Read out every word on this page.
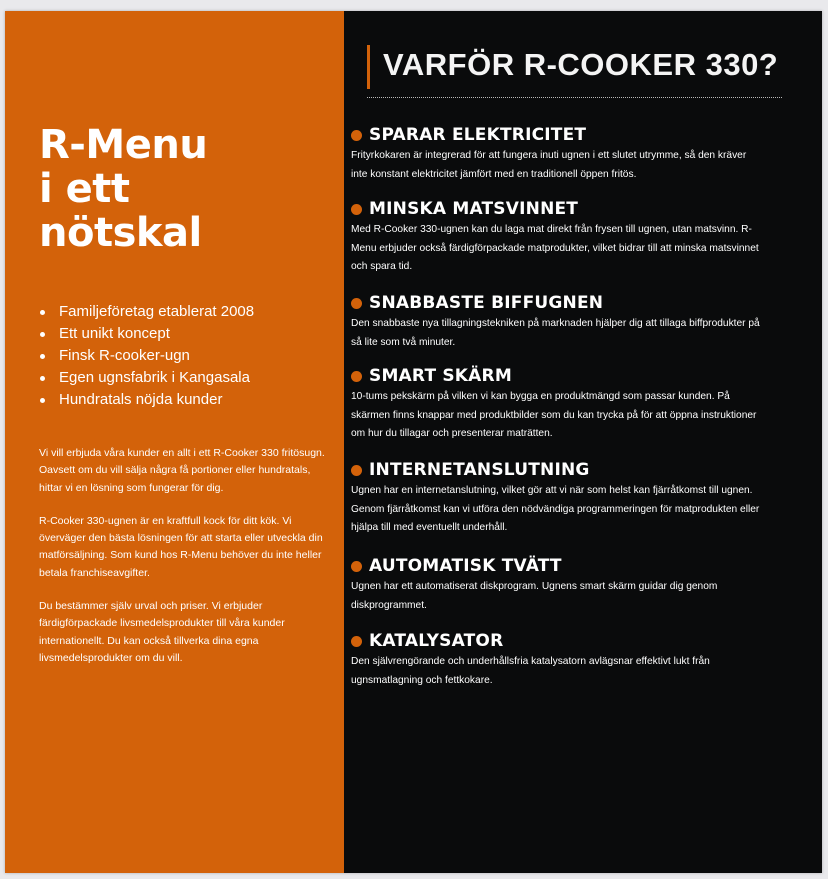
R-Menu
i ett
nötskal
Familjeföretag etablerat 2008
Ett unikt koncept
Finsk R-cooker-ugn
Egen ugnsfabrik i Kangasala
Hundratals nöjda kunder

Vi vill erbjuda våra kunder en allt i ett R-Cooker 330 fritösugn. Oavsett om du vill sälja några få portioner eller hundratals, hittar vi en lösning som fungerar för dig.

R-Cooker 330-ugnen är en kraftfull kock för ditt kök. Vi överväger den bästa lösningen för att starta eller utveckla din matförsäljning. Som kund hos R-Menu behöver du inte heller betala franchiseavgifter.

Du bestämmer själv urval och priser. Vi erbjuder färdigförpackade livsmedelsprodukter till våra kunder internationellt. Du kan också tillverka dina egna livsmedelsprodukter om du vill.

VARFÖR R-COOKER 330?
SPARAR ELEKTRICITET

Frityrkokaren är integrerad för att fungera inuti ugnen i ett slutet utrymme, så den kräver inte konstant elektricitet jämfört med en traditionell öppen fritös.

MINSKA MATSVINNET

Med R-Cooker 330-ugnen kan du laga mat direkt från frysen till ugnen, utan matsvinn. R-Menu erbjuder också färdigförpackade matprodukter, vilket bidrar till att minska matsvinnet och spara tid.

SNABBASTE BIFFUGNEN

Den snabbaste nya tillagningstekniken på marknaden hjälper dig att tillaga biffprodukter på så lite som två minuter.

SMART SKÄRM

10-tums pekskärm på vilken vi kan bygga en produktmängd som passar kunden. På skärmen finns knappar med produktbilder som du kan trycka på för att öppna instruktioner om hur du tillagar och presenterar maträtten.

INTERNETANSLUTNING

Ugnen har en internetanslutning, vilket gör att vi när som helst kan fjärråtkomst till ugnen. Genom fjärråtkomst kan vi utföra den nödvändiga programmeringen för matprodukten eller hjälpa till med eventuellt underhåll.

AUTOMATISK TVÄTT

Ugnen har ett automatiserat diskprogram. Ugnens smart skärm guidar dig genom diskprogrammet.

KATALYSATOR

Den självrengörande och underhållsfria katalysatorn avlägsnar effektivt lukt från ugnsmatlagning och fettkokare.
